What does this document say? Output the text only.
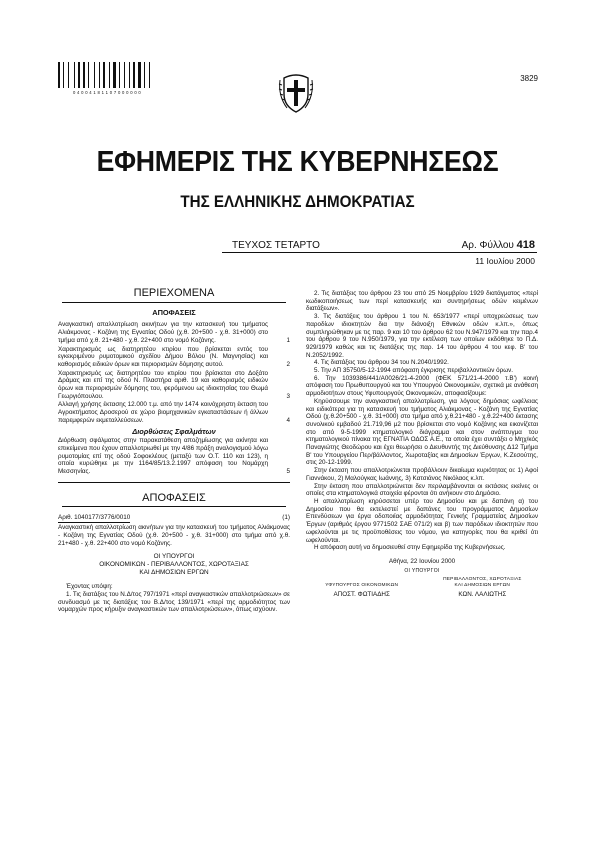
0 4 0 0 4 1 8 1 1 0 7 0 0 0 0 0 0
3829
ΕΦΗΜΕΡΙΣ ΤΗΣ ΚΥΒΕΡΝΗΣΕΩΣ
ΤΗΣ ΕΛΛΗΝΙΚΗΣ ΔΗΜΟΚΡΑΤΙΑΣ
ΤΕΥΧΟΣ ΤΕΤΑΡΤΟ	Αρ. Φύλλου 418
11 Ιουλίου 2000
ΠΕΡΙΕΧΟΜΕΝΑ
ΑΠΟΦΑΣΕΙΣ
Αναγκαστική απαλλοτρίωση ακινήτων για την κατασκευή του τμήματος Αλιάκμονας - Κοζάνη της Εγνατίας Οδού (χ.θ. 20+500 - χ.θ. 31+000) στο τμήμα από χ.θ. 21+480 - χ.θ. 22+400 στο νομό Κοζάνης.	1
Χαρακτηρισμός ως διατηρητέου κτιρίου που βρίσκεται εντός του εγκεκριμένου ρυμοτομικού σχεδίου Δήμου Βόλου (Ν. Μαγνησίας) και καθορισμός ειδικών όρων και περιορισμών δόμησης αυτού.	2
Χαρακτηρισμός ως διατηρητέου του κτιρίου που βρίσκεται στο Δοξάτο Δράμας και επί της οδού Ν. Πλαστήρα αριθ. 19 και καθορισμός ειδικών όρων και περιορισμών δόμησης του, φερόμενου ως ιδιοκτησίας του Θωμά Γεωργιόπουλου.	3
Αλλαγή χρήσης έκτασης 12.000 τ.μ. από την 1474 κοινόχρηστη έκταση του Αγροκτήματος Δροσερού σε χώρο βιομηχανικών εγκαταστάσεων ή άλλων παρεμφερών εκμεταλλεύσεων.	4
Διορθώσεις Σφαλμάτων
Διόρθωση σφάλματος στην παρακατάθεση αποζημίωσης για ακίνητα και επικείμενα που έχουν απαλλοτριωθεί με την 4/86 πράξη αναλογισμού λόγω ρυμοτομίας επί της οδού Σοφοκλέους (μεταξύ των Ο.Τ. 110 και 123), η οποία κυρώθηκε με την 1164/85/13.2.1997 απόφαση του Νομάρχη Μεσσηνίας.	5
ΑΠΟΦΑΣΕΙΣ
Αριθ. 1040177/3776/0010	(1)
Αναγκαστική απαλλοτρίωση ακινήτων για την κατασκευή του τμήματος Αλιάκμονας - Κοζάνη της Εγνατίας Οδού (χ.θ. 20+500 - χ.θ. 31+000) στο τμήμα από χ.θ. 21+480 - χ.θ. 22+400 στο νομό Κοζάνης.
ΟΙ ΥΠΟΥΡΓΟΙ
ΟΙΚΟΝΟΜΙΚΩΝ - ΠΕΡΙΒΑΛΛΟΝΤΟΣ, ΧΩΡΟΤΑΞΙΑΣ
ΚΑΙ ΔΗΜΟΣΙΩΝ ΕΡΓΩΝ
Έχοντας υπόψη:
1. Τις διατάξεις του Ν.Δ/τος 797/1971 «περί αναγκαστικών απαλλοτριώσεων» σε συνδυασμό με τις διατάξεις του Β.Δ/τος 139/1971 «περί της αρμοδιότητος των νομαρχών προς κήρυξιν αναγκαστικών των απαλλοτριώσεων», όπως ισχύουν.
2. Τις διατάξεις του άρθρου 23 του από 25 Νοεμβρίου 1929 διατάγματος «περί κωδικοποιήσεως των περί κατασκευής και συντηρήσεως οδών κειμένων διατάξεων».
3. Τις διατάξεις του άρθρου 1 του Ν. 653/1977 «περί υποχρεώσεως των παροδίων ιδιοκτητών δια την διάνοιξη Εθνικών οδών κ.λπ.», όπως συμπληρώθηκαν με τις παρ. 9 και 10 του άρθρου 62 του Ν.947/1979 και την παρ.4 του άρθρου 9 του Ν.950/1979, για την εκτέλεση των οποίων εκδόθηκε το Π.Δ. 929/1979 καθώς και τις διατάξεις της παρ. 14 του άρθρου 4 του κεφ. Β' του Ν.2052/1992.
4. Τις διατάξεις του άρθρου 34 του Ν.2040/1992.
5. Την ΑΠ 35750/5-12-1994 απόφαση έγκρισης περιβαλλοντικών όρων.
6. Την 1039386/441/Α0026/21-4-2000 (ΦΕΚ 571/21-4-2000 τ.Β') κοινή απόφαση του Πρωθυπουργού και του Υπουργού Οικονομικών, σχετικά με ανάθεση αρμοδιοτήτων στους Υφυπουργούς Οικονομικών, αποφασίζουμε:
Κηρύσσουμε την αναγκαστική απαλλοτρίωση, για λόγους δημόσιας ωφέλειας και ειδικότερα για τη κατασκευή του τμήματος Αλιάκμονας - Κοζάνη της Εγνατίας Οδού (χ.θ.20+500 - χ.θ. 31+000) στο τμήμα από χ.θ.21+480 - χ.θ.22+400 έκτασης συνολικού εμβαδού 21.719,96 μ2 που βρίσκεται στο νομό Κοζάνης και εικονίζεται στο από 9-5-1999 κτηματολογικό διάγραμμα και στον ανάπτυγμα του κτηματολογικού πίνακα της ΕΓΝΑΤΙΑ ΟΔΟΣ Α.Ε., τα οποία έχει συντάξει ο Μηχ/κός Παναγιώτης Θεοδώρου και έχει θεωρήσει ο Διευθυντής της Διεύθυνσης Δ12 Τμήμα Β' του Υπουργείου Περ/βάλλοντος, Χωροταξίας και Δημοσίων Έργων, Κ.Ζεσούτης, στις 20-12-1999.
Στην έκταση που απαλλοτριώνεται προβάλλουν δικαίωμα κυριότητας οι: 1) Αφοί Γιαννάκου, 2) Μαλούγκας Ιωάννης, 3) Κατσιάνος Νικόλαος κ.λπ.
Στην έκταση που απαλλοτριώνεται δεν περιλαμβάνονται οι εκτάσεις εκείνες οι οποίες στα κτηματολογικά στοιχεία φέρονται ότι ανήκουν στο Δημόσιο.
Η απαλλοτρίωση κηρύσσεται υπέρ του Δημοσίου και με δαπάνη α) του Δημοσίου που θα εκτελεστεί με δαπάνες του προγράμματος Δημοσίων Επενδύσεων για έργα οδοποιίας αρμοδιότητας Γενικής Γραμματείας Δημοσίων Έργων (αριθμός έργου 9771502 ΣΑΕ 071/2) και β) των παρόδιων ιδιοκτητών που ωφελούνται με τις προϋποθέσεις του νόμου, για κατηγορίες που θα κριθεί ότι ωφελούνται.
Η απόφαση αυτή να δημοσιευθεί στην Εφημερίδα της Κυβερνήσεως.
Αθήνα, 22 Ιουνίου 2000
ΟΙ ΥΠΟΥΡΓΟΙ
ΥΦΥΠΟΥΡΓΟΣ ΟΙΚΟΝΟΜΙΚΩΝ
ΑΠΟΣΤ. ΦΩΤΙΑΔΗΣ
ΠΕΡΙΒΑΛΛΟΝΤΟΣ, ΧΩΡΟΤΑΞΙΑΣ
ΚΑΙ ΔΗΜΟΣΙΩΝ ΕΡΓΩΝ
ΚΩΝ. ΛΑΛΙΩΤΗΣ
